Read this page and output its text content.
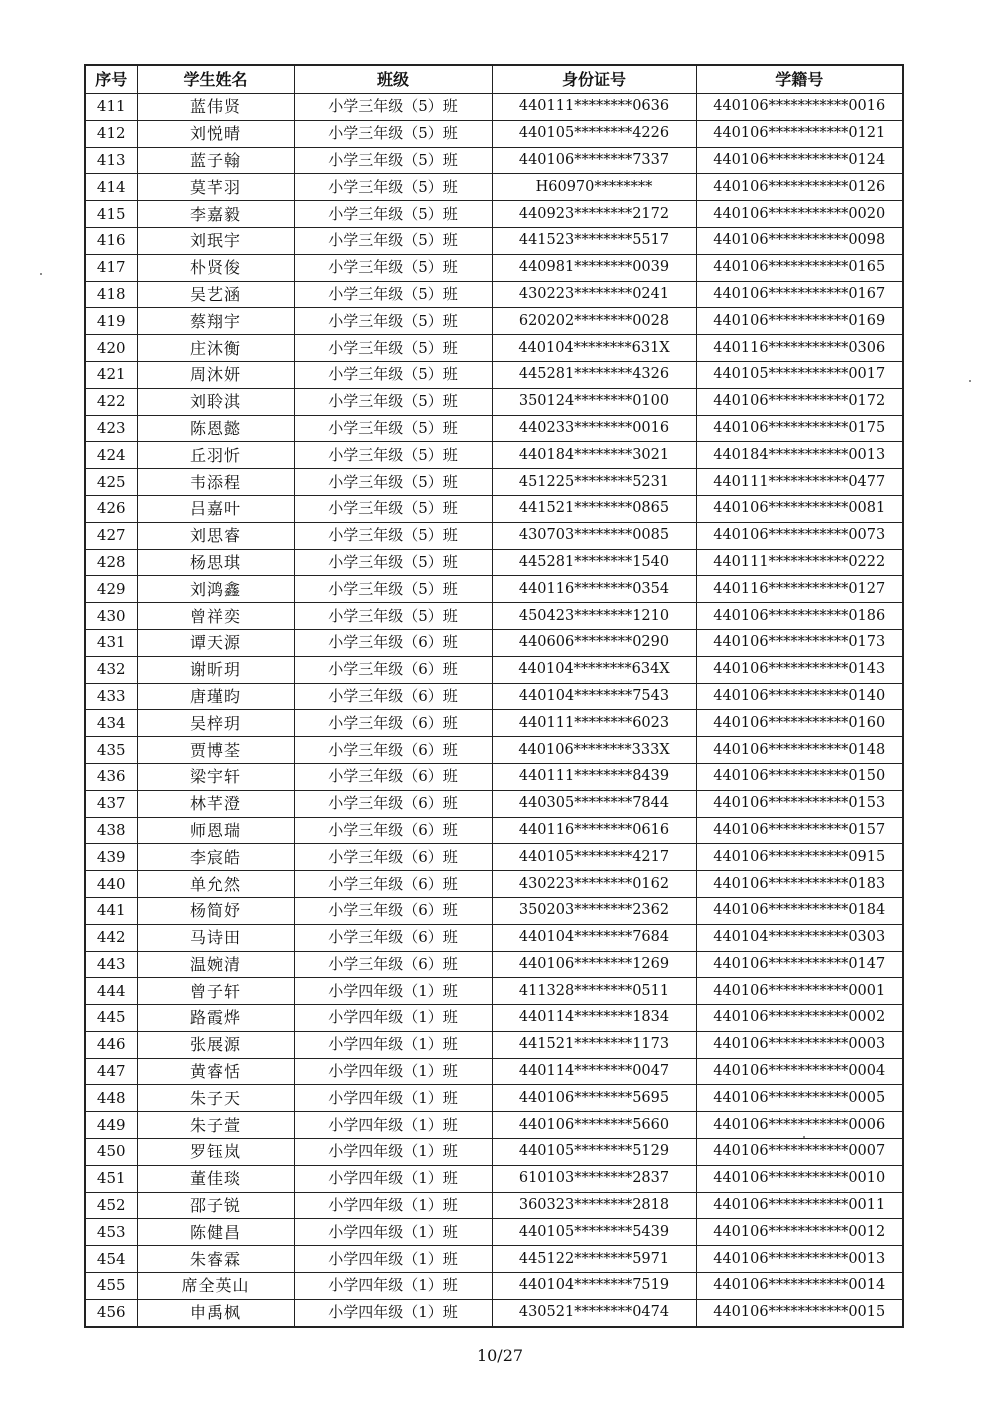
序号	学生姓名	班级	身份证号	学籍号
411	蓝伟贤	小学三年级（5）班	440111********0636	440106***********0016
412	刘悦晴	小学三年级（5）班	440105********4226	440106***********0121
413	蓝子翰	小学三年级（5）班	440106********7337	440106***********0124
414	莫芊羽	小学三年级（5）班	H60970********	440106***********0126
415	李嘉毅	小学三年级（5）班	440923********2172	440106***********0020
416	刘珉宇	小学三年级（5）班	441523********5517	440106***********0098
417	朴贤俊	小学三年级（5）班	440981********0039	440106***********0165
418	吴艺涵	小学三年级（5）班	430223********0241	440106***********0167
419	蔡翔宇	小学三年级（5）班	620202********0028	440106***********0169
420	庄沐衡	小学三年级（5）班	440104********631X	440116***********0306
421	周沐妍	小学三年级（5）班	445281********4326	440105***********0017
422	刘聆淇	小学三年级（5）班	350124********0100	440106***********0172
423	陈恩懿	小学三年级（5）班	440233********0016	440106***********0175
424	丘羽忻	小学三年级（5）班	440184********3021	440184***********0013
425	韦添程	小学三年级（5）班	451225********5231	440111***********0477
426	吕嘉叶	小学三年级（5）班	441521********0865	440106***********0081
427	刘思睿	小学三年级（5）班	430703********0085	440106***********0073
428	杨思琪	小学三年级（5）班	445281********1540	440111***********0222
429	刘鸿鑫	小学三年级（5）班	440116********0354	440116***********0127
430	曾祥奕	小学三年级（5）班	450423********1210	440106***********0186
431	谭天源	小学三年级（6）班	440606********0290	440106***********0173
432	谢昕玥	小学三年级（6）班	440104********634X	440106***********0143
433	唐瑾昀	小学三年级（6）班	440104********7543	440106***********0140
434	吴梓玥	小学三年级（6）班	440111********6023	440106***********0160
435	贾博荃	小学三年级（6）班	440106********333X	440106***********0148
436	梁宇轩	小学三年级（6）班	440111********8439	440106***********0150
437	林芊澄	小学三年级（6）班	440305********7844	440106***********0153
438	师恩瑞	小学三年级（6）班	440116********0616	440106***********0157
439	李宸皓	小学三年级（6）班	440105********4217	440106***********0915
440	单允然	小学三年级（6）班	430223********0162	440106***********0183
441	杨简妤	小学三年级（6）班	350203********2362	440106***********0184
442	马诗田	小学三年级（6）班	440104********7684	440104***********0303
443	温婉清	小学三年级（6）班	440106********1269	440106***********0147
444	曾子轩	小学四年级（1）班	411328********0511	440106***********0001
445	路霞烨	小学四年级（1）班	440114********1834	440106***********0002
446	张展源	小学四年级（1）班	441521********1173	440106***********0003
447	黄睿恬	小学四年级（1）班	440114********0047	440106***********0004
448	朱子天	小学四年级（1）班	440106********5695	440106***********0005
449	朱子萱	小学四年级（1）班	440106********5660	440106***********0006
450	罗钰岚	小学四年级（1）班	440105********5129	440106***********0007
451	董佳琰	小学四年级（1）班	610103********2837	440106***********0010
452	邵子锐	小学四年级（1）班	360323********2818	440106***********0011
453	陈健昌	小学四年级（1）班	440105********5439	440106***********0012
454	朱睿霖	小学四年级（1）班	445122********5971	440106***********0013
455	席全英山	小学四年级（1）班	440104********7519	440106***********0014
456	申禹枫	小学四年级（1）班	430521********0474	440106***********0015
10/27
